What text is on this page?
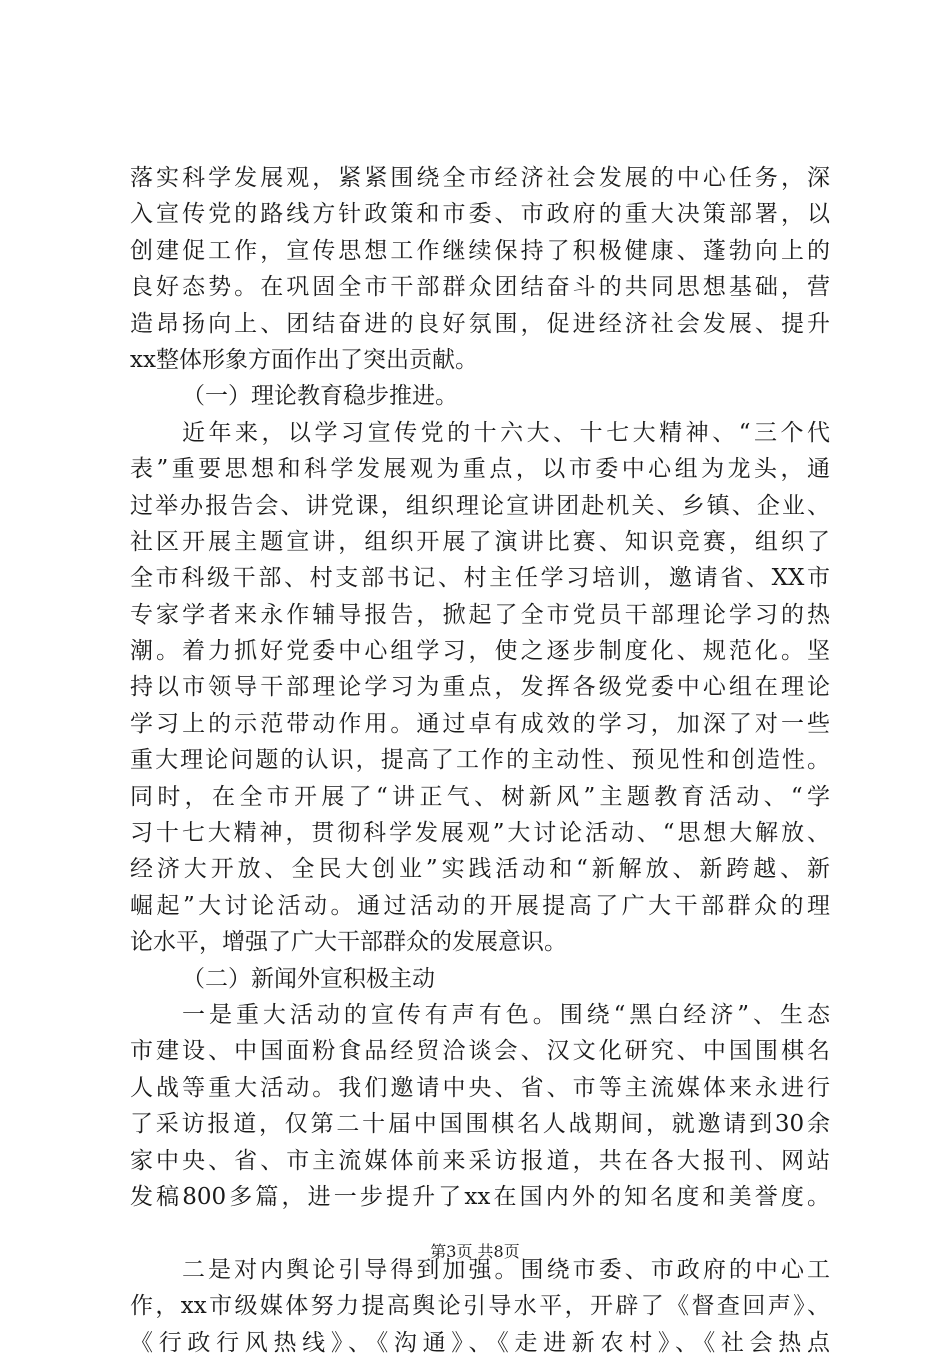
落实科学发展观，紧紧围绕全市经济社会发展的中心任务，深
入宣传党的路线方针政策和市委、市政府的重大决策部署，以
创建促工作，宣传思想工作继续保持了积极健康、蓬勃向上的
良好态势。在巩固全市干部群众团结奋斗的共同思想基础，营
造昂扬向上、团结奋进的良好氛围，促进经济社会发展、提升
xx整体形象方面作出了突出贡献。
（一）理论教育稳步推进。
近年来，以学习宣传党的十六大、十七大精神、“三个代
表”重要思想和科学发展观为重点，以市委中心组为龙头，通
过举办报告会、讲党课，组织理论宣讲团赴机关、乡镇、企业、
社区开展主题宣讲，组织开展了演讲比赛、知识竞赛，组织了
全市科级干部、村支部书记、村主任学习培训，邀请省、XX市
专家学者来永作辅导报告，掀起了全市党员干部理论学习的热
潮。着力抓好党委中心组学习，使之逐步制度化、规范化。坚
持以市领导干部理论学习为重点，发挥各级党委中心组在理论
学习上的示范带动作用。通过卓有成效的学习，加深了对一些
重大理论问题的认识，提高了工作的主动性、预见性和创造性。
同时，在全市开展了“讲正气、树新风”主题教育活动、“学
习十七大精神，贯彻科学发展观”大讨论活动、“思想大解放、
经济大开放、全民大创业”实践活动和“新解放、新跨越、新
崛起”大讨论活动。通过活动的开展提高了广大干部群众的理
论水平，增强了广大干部群众的发展意识。
（二）新闻外宣积极主动
一是重大活动的宣传有声有色。围绕“黑白经济”、生态
市建设、中国面粉食品经贸洽谈会、汉文化研究、中国围棋名
人战等重大活动。我们邀请中央、省、市等主流媒体来永进行
了采访报道，仅第二十届中国围棋名人战期间，就邀请到30余
家中央、省、市主流媒体前来采访报道，共在各大报刊、网站
发稿800多篇，进一步提升了xx在国内外的知名度和美誉度。
二是对内舆论引导得到加强。围绕市委、市政府的中心工
作，xx市级媒体努力提高舆论引导水平，开辟了《督查回声》、
《行政行风热线》、《沟通》、《走进新农村》、《社会热点
第3页 共8页
